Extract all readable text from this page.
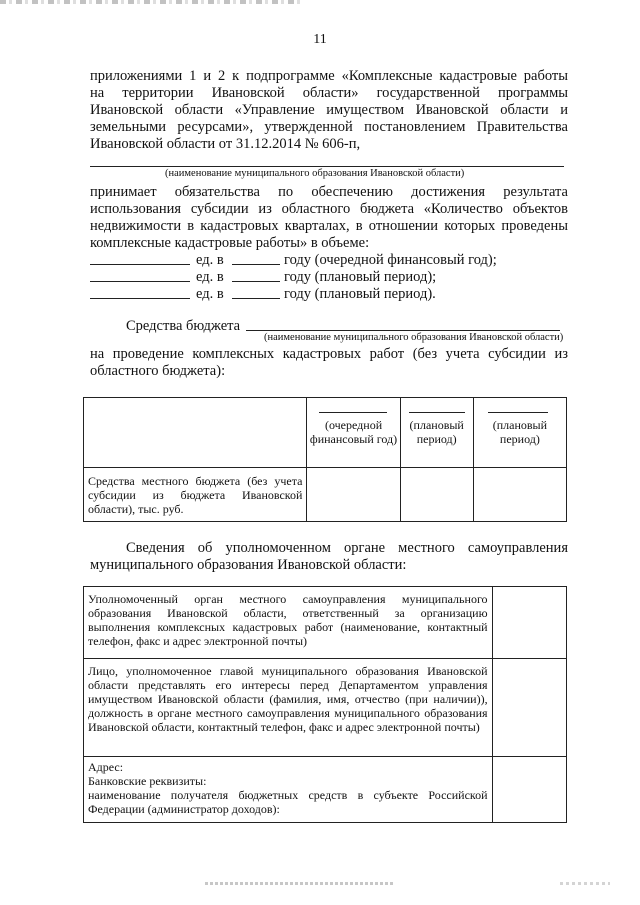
11
приложениями 1 и 2 к подпрограмме «Комплексные кадастровые работы
на территории Ивановской области» государственной программы
Ивановской области «Управление имуществом Ивановской области и
земельными ресурсами», утвержденной постановлением Правительства
Ивановской области от 31.12.2014 № 606-п,
(наименование муниципального образования Ивановской области)
принимает обязательства по обеспечению достижения результата
использования субсидии из областного бюджета «Количество объектов
недвижимости в кадастровых кварталах, в отношении которых проведены
комплексные кадастровые работы» в объеме:
ед. в	году (очередной финансовый год);
ед. в	году (плановый период);
ед. в	году (плановый период).
Средства бюджета
(наименование муниципального образования Ивановской области)
на проведение комплексных кадастровых работ (без учета субсидии из
областного бюджета):

	(очередной финансовый год)	(плановый период)	(плановый период)

Средства местного бюджета (без учета субсидии из бюджета Ивановской области), тыс. руб.			

Сведения об уполномоченном органе местного самоуправления
муниципального образования Ивановской области:
Уполномоченный орган местного самоуправления муниципального образования Ивановской области, ответственный за организацию выполнения комплексных кадастровых работ (наименование, контактный телефон, факс и адрес электронной почты)	

Лицо, уполномоченное главой муниципального образования Ивановской области представлять его интересы перед Департаментом управления имуществом Ивановской области (фамилия, имя, отчество (при наличии)), должность в органе местного самоуправления муниципального образования Ивановской области, контактный телефон, факс и адрес электронной почты)	

Адрес:
Банковские реквизиты:
наименование получателя бюджетных средств в субъекте Российской Федерации (администратор доходов):	
